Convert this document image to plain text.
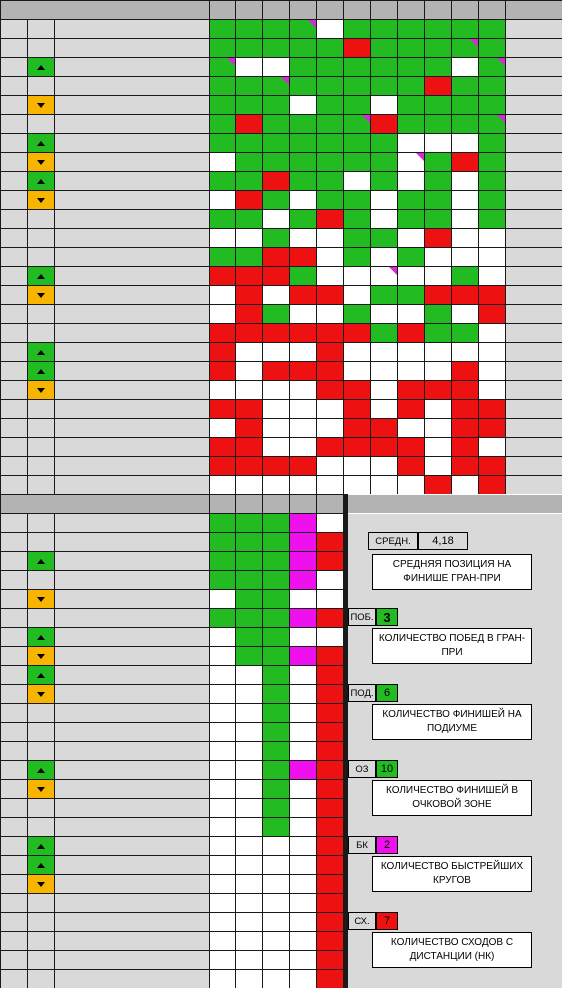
СРЕДН.	4,18
СРЕДНЯЯ ПОЗИЦИЯ НА ФИНИШЕ ГРАН-ПРИ
ПОБ. 3
КОЛИЧЕСТВО ПОБЕД В ГРАН-ПРИ
ПОД. 6
КОЛИЧЕСТВО ФИНИШЕЙ НА ПОДИУМЕ
ОЗ	10
КОЛИЧЕСТВО ФИНИШЕЙ В ОЧКОВОЙ ЗОНЕ
БК	2
КОЛИЧЕСТВО БЫСТРЕЙШИХ КРУГОВ
СХ.	7
КОЛИЧЕСТВО СХОДОВ С ДИСТАНЦИИ (НК)
